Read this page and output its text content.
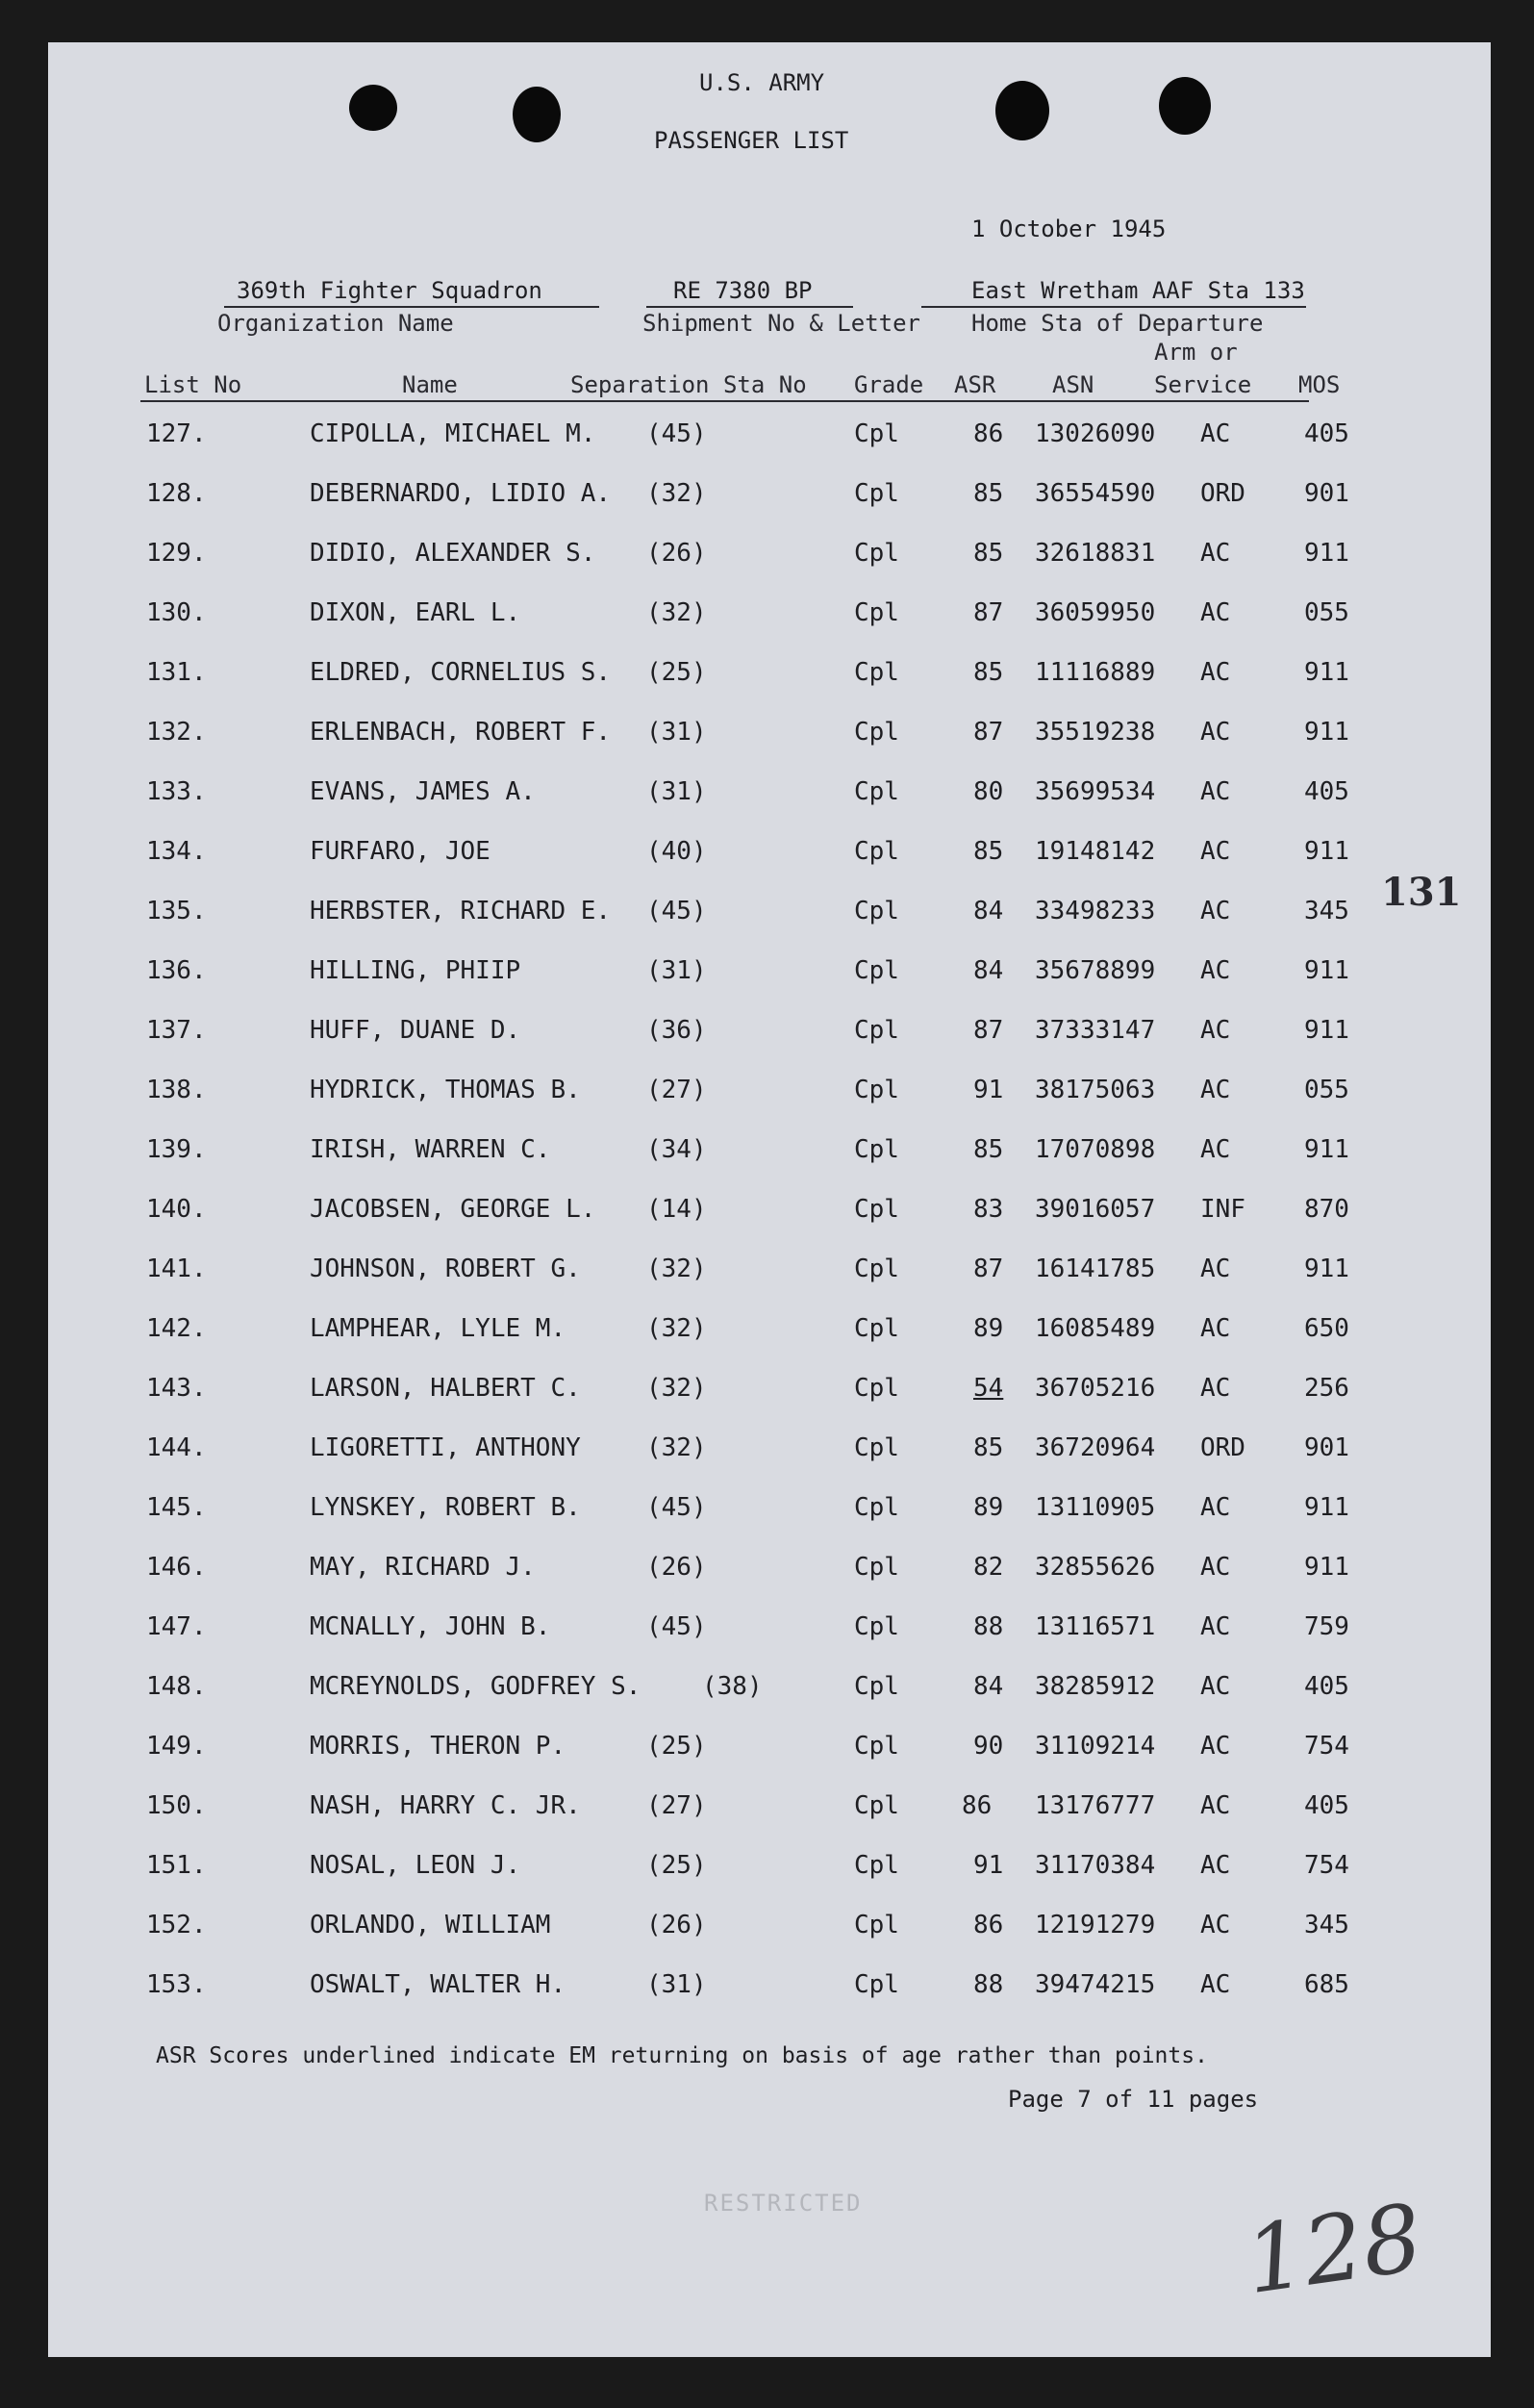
U.S. ARMY
PASSENGER LIST
1 October 1945
369th Fighter Squadron
Organization Name
RE 7380 BP
Shipment No & Letter
East Wretham AAF Sta 133
Home Sta of Departure
List No	Name	Separation Sta No Grade ASR ASN
Arm or
Service MOS
127.	CIPOLLA, MICHAEL M. (45)	Cpl	86 13026090 AC	405
128.	DEBERNARDO, LIDIO A. (32)	Cpl	85 36554590 ORD 901
129.	DIDIO, ALEXANDER S. (26)	Cpl	85 32618831 AC	911
130.	DIXON, EARL L.	(32)	Cpl	87 36059950 AC	055
131.	ELDRED, CORNELIUS S. (25)	Cpl	85 11116889 AC	911
132.	ERLENBACH, ROBERT F. (31)	Cpl	87 35519238 AC	911
133.	EVANS, JAMES A.	(31)	Cpl	80 35699534 AC	405
134.	FURFARO, JOE	(40)	Cpl	85 19148142 AC	911
135.	HERBSTER, RICHARD E. (45)	Cpl	84 33498233 AC	345
136.	HILLING, PHIIP	(31)	Cpl	84 35678899 AC	911
137.	HUFF, DUANE D.	(36)	Cpl	87 37333147 AC	911
138.	HYDRICK, THOMAS B.	(27)	Cpl	91 38175063 AC	055
139.	IRISH, WARREN C.	(34)	Cpl	85 17070898 AC	911
140.	JACOBSEN, GEORGE L. (14)	Cpl	83 39016057 INF 870
141.	JOHNSON, ROBERT G.	(32)	Cpl	87 16141785 AC	911
142.	LAMPHEAR, LYLE M.	(32)	Cpl	89 16085489 AC	650
143.	LARSON, HALBERT C.	(32)	Cpl	54 36705216 AC	256
144.	LIGORETTI, ANTHONY	(32)	Cpl	85 36720964 ORD 901
145.	LYNSKEY, ROBERT B.	(45)	Cpl	89 13110905 AC	911
146.	MAY, RICHARD J.	(26)	Cpl	82 32855626 AC	911
147.	MCNALLY, JOHN B.	(45)	Cpl	88 13116571 AC	759
148.	MCREYNOLDS, GODFREY S. (38)	Cpl	84 38285912 AC	405
149.	MORRIS, THERON P.	(25)	Cpl	90 31109214 AC	754
150.	NASH, HARRY C. JR.	(27)	Cpl	86 13176777 AC	405
151.	NOSAL, LEON J.	(25)	Cpl	91 31170384 AC	754
152.	ORLANDO, WILLIAM	(26)	Cpl	86 12191279 AC	345
153.	OSWALT, WALTER H.	(31)	Cpl	88 39474215 AC	685
131
ASR Scores underlined indicate EM returning on basis of age rather than points.
Page 7 of 11 pages
RESTRICTED	128
